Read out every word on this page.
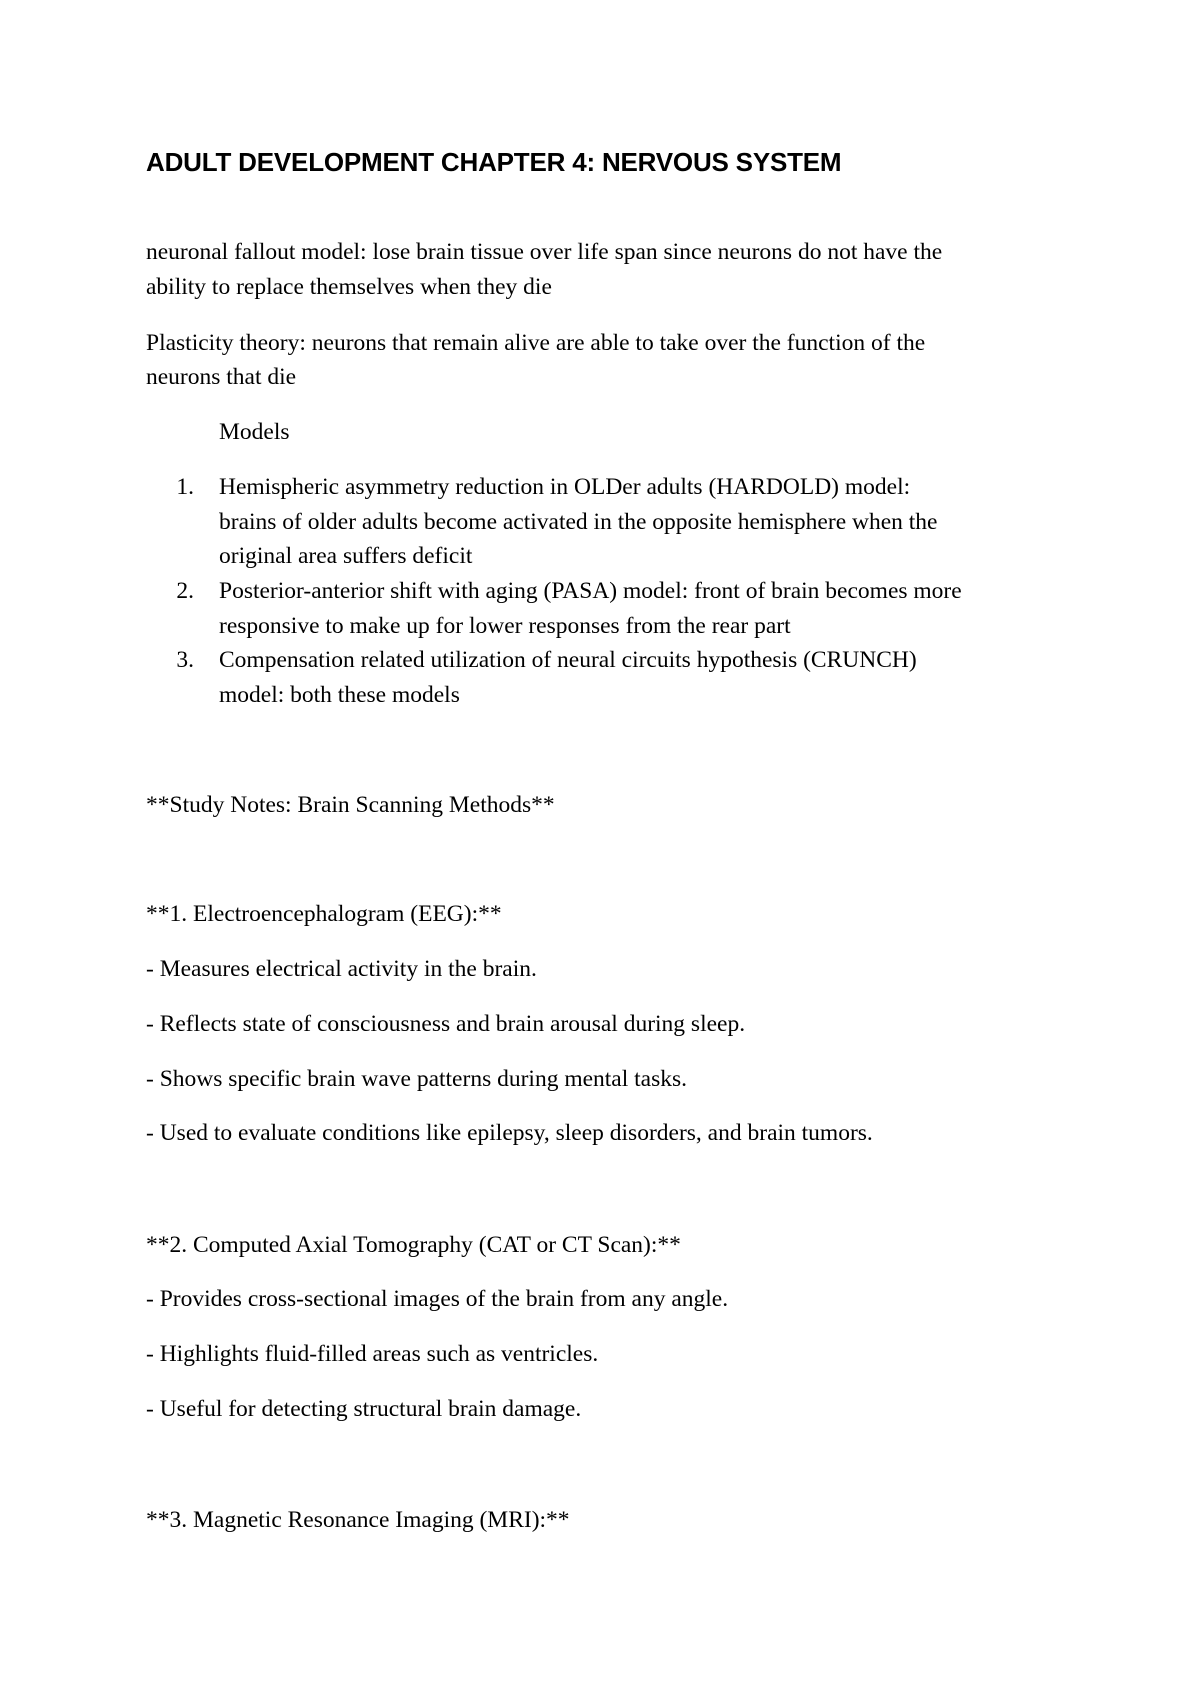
ADULT DEVELOPMENT CHAPTER 4: NERVOUS SYSTEM
neuronal fallout model: lose brain tissue over life span since neurons do not have the
ability to replace themselves when they die
Plasticity theory: neurons that remain alive are able to take over the function of the
neurons that die
Models
1. Hemispheric asymmetry reduction in OLDer adults (HARDOLD) model:
brains of older adults become activated in the opposite hemisphere when the
original area suffers deficit
2. Posterior-anterior shift with aging (PASA) model: front of brain becomes more
responsive to make up for lower responses from the rear part
3. Compensation related utilization of neural circuits hypothesis (CRUNCH)
model: both these models
**Study Notes: Brain Scanning Methods**
**1. Electroencephalogram (EEG):**
- Measures electrical activity in the brain.
- Reflects state of consciousness and brain arousal during sleep.
- Shows specific brain wave patterns during mental tasks.
- Used to evaluate conditions like epilepsy, sleep disorders, and brain tumors.
**2. Computed Axial Tomography (CAT or CT Scan):**
- Provides cross-sectional images of the brain from any angle.
- Highlights fluid-filled areas such as ventricles.
- Useful for detecting structural brain damage.
**3. Magnetic Resonance Imaging (MRI):**
